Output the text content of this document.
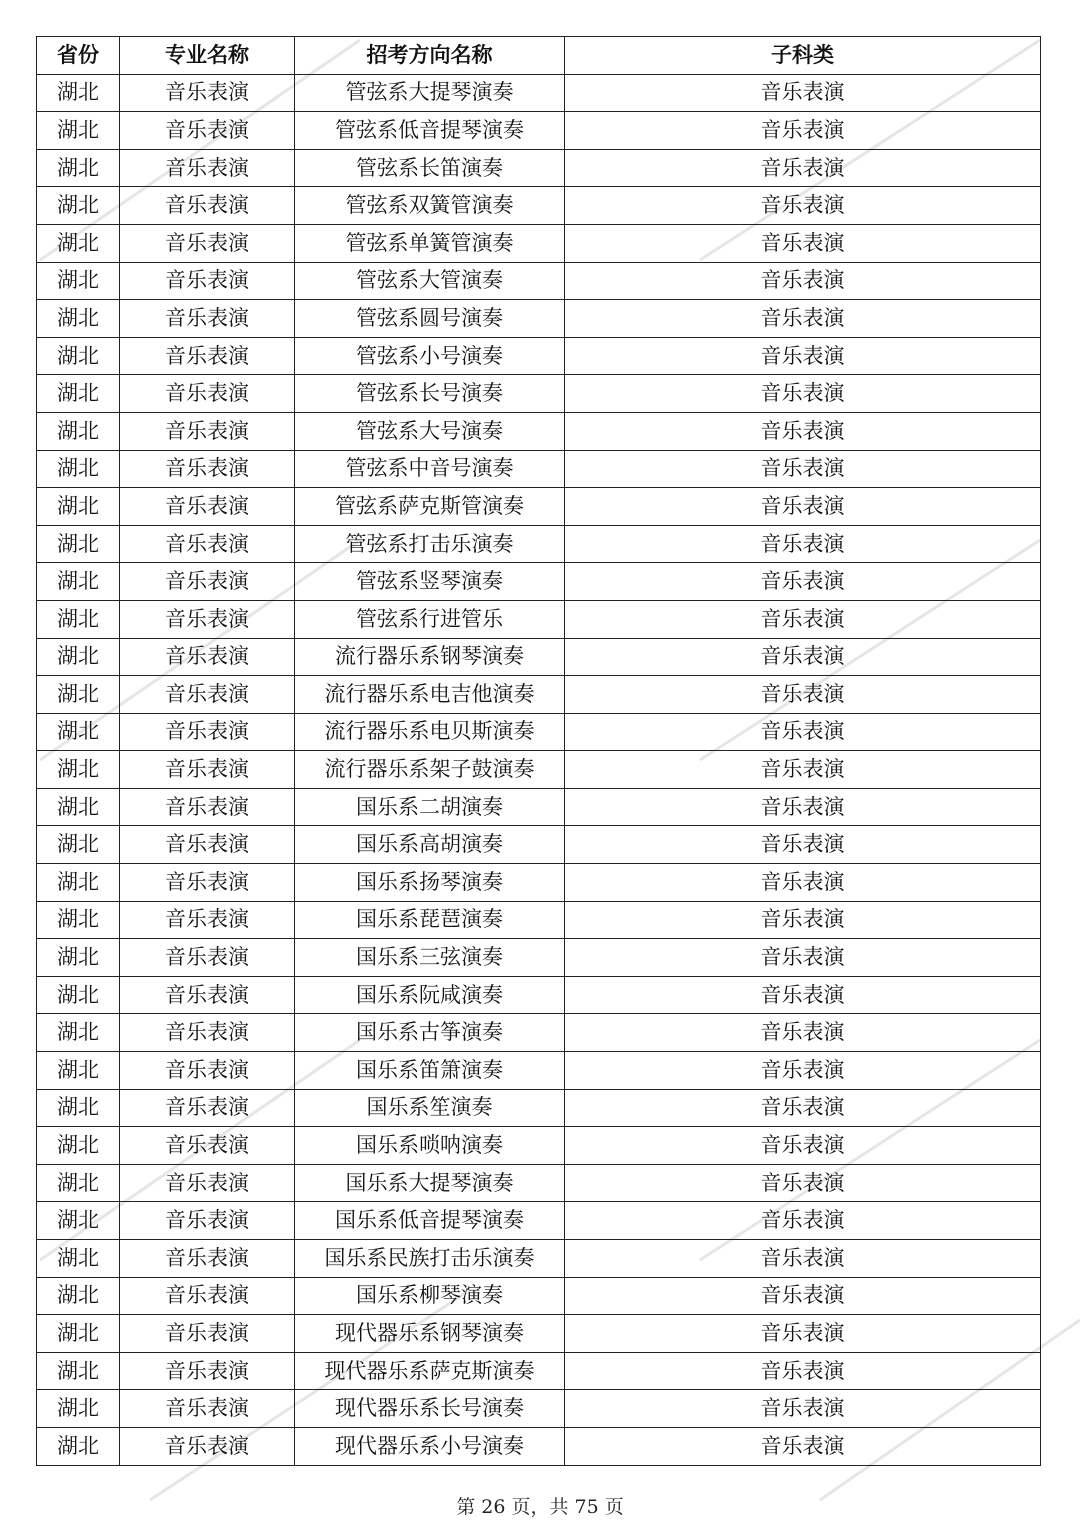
省份	专业名称	招考方向名称	子科类
湖北	音乐表演	管弦系大提琴演奏	音乐表演
湖北	音乐表演	管弦系低音提琴演奏	音乐表演
湖北	音乐表演	管弦系长笛演奏	音乐表演
湖北	音乐表演	管弦系双簧管演奏	音乐表演
湖北	音乐表演	管弦系单簧管演奏	音乐表演
湖北	音乐表演	管弦系大管演奏	音乐表演
湖北	音乐表演	管弦系圆号演奏	音乐表演
湖北	音乐表演	管弦系小号演奏	音乐表演
湖北	音乐表演	管弦系长号演奏	音乐表演
湖北	音乐表演	管弦系大号演奏	音乐表演
湖北	音乐表演	管弦系中音号演奏	音乐表演
湖北	音乐表演	管弦系萨克斯管演奏	音乐表演
湖北	音乐表演	管弦系打击乐演奏	音乐表演
湖北	音乐表演	管弦系竖琴演奏	音乐表演
湖北	音乐表演	管弦系行进管乐	音乐表演
湖北	音乐表演	流行器乐系钢琴演奏	音乐表演
湖北	音乐表演	流行器乐系电吉他演奏	音乐表演
湖北	音乐表演	流行器乐系电贝斯演奏	音乐表演
湖北	音乐表演	流行器乐系架子鼓演奏	音乐表演
湖北	音乐表演	国乐系二胡演奏	音乐表演
湖北	音乐表演	国乐系高胡演奏	音乐表演
湖北	音乐表演	国乐系扬琴演奏	音乐表演
湖北	音乐表演	国乐系琵琶演奏	音乐表演
湖北	音乐表演	国乐系三弦演奏	音乐表演
湖北	音乐表演	国乐系阮咸演奏	音乐表演
湖北	音乐表演	国乐系古筝演奏	音乐表演
湖北	音乐表演	国乐系笛箫演奏	音乐表演
湖北	音乐表演	国乐系笙演奏	音乐表演
湖北	音乐表演	国乐系唢呐演奏	音乐表演
湖北	音乐表演	国乐系大提琴演奏	音乐表演
湖北	音乐表演	国乐系低音提琴演奏	音乐表演
湖北	音乐表演	国乐系民族打击乐演奏	音乐表演
湖北	音乐表演	国乐系柳琴演奏	音乐表演
湖北	音乐表演	现代器乐系钢琴演奏	音乐表演
湖北	音乐表演	现代器乐系萨克斯演奏	音乐表演
湖北	音乐表演	现代器乐系长号演奏	音乐表演
湖北	音乐表演	现代器乐系小号演奏	音乐表演
第 26 页，共 75 页
